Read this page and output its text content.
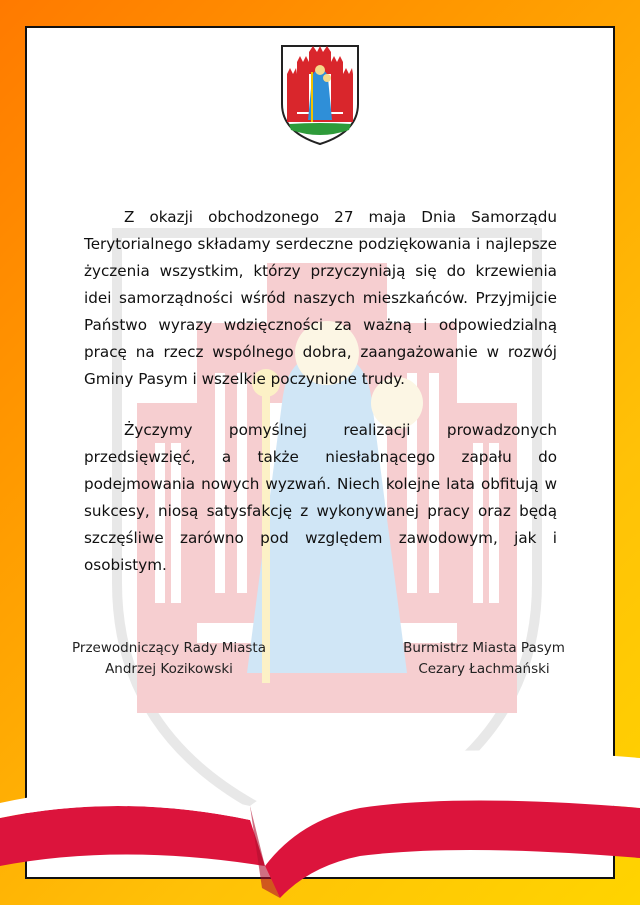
Z okazji obchodzonego 27 maja Dnia Samorządu Terytorialnego składamy serdeczne podziękowania i najlepsze życzenia wszystkim, którzy przyczyniają się do krzewienia idei samorządności wśród naszych mieszkańców. Przyjmijcie Państwo wyrazy wdzięczności za ważną i odpowiedzialną pracę na rzecz wspólnego dobra, zaangażowanie w rozwój Gminy Pasym i wszelkie poczynione trudy.

Życzymy pomyślnej realizacji prowadzonych przedsięwzięć, a także niesłabnącego zapału do podejmowania nowych wyzwań. Niech kolejne lata obfitują w sukcesy, niosą satysfakcję z wykonywanej pracy oraz będą szczęśliwe zarówno pod względem zawodowym, jak i osobistym.

Przewodniczący Rady Miasta
Andrzej Kozikowski
Burmistrz Miasta Pasym
Cezary Łachmański
